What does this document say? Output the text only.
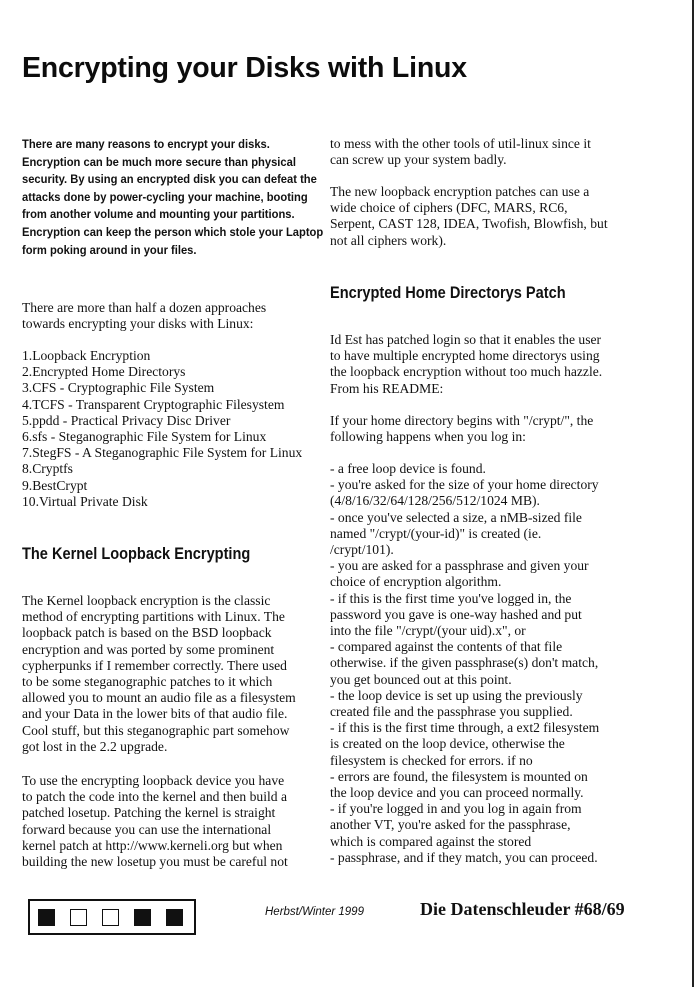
Encrypting your Disks with Linux
There are many reasons to encrypt your disks.
Encryption can be much more secure than physical
security. By using an encrypted disk you can defeat the
attacks done by power-cycling your machine, booting
from another volume and mounting your partitions.
Encryption can keep the person which stole your Laptop
form poking around in your files.
There are more than half a dozen approaches
towards encrypting your disks with Linux:
1.Loopback Encryption
2.Encrypted Home Directorys
3.CFS - Cryptographic File System
4.TCFS - Transparent Cryptographic Filesystem
5.ppdd - Practical Privacy Disc Driver
6.sfs - Steganographic File System for Linux
7.StegFS - A Steganographic File System for Linux
8.Cryptfs
9.BestCrypt
10.Virtual Private Disk
The Kernel Loopback Encrypting
The Kernel loopback encryption is the classic
method of encrypting partitions with Linux. The
loopback patch is based on the BSD loopback
encryption and was ported by some prominent
cypherpunks if I remember correctly. There used
to be some steganographic patches to it which
allowed you to mount an audio file as a filesystem
and your Data in the lower bits of that audio file.
Cool stuff, but this steganographic part somehow
got lost in the 2.2 upgrade.
To use the encrypting loopback device you have
to patch the code into the kernel and then build a
patched losetup. Patching the kernel is straight
forward because you can use the international
kernel patch at http://www.kerneli.org but when
building the new losetup you must be careful not
to mess with the other tools of util-linux since it
can screw up your system badly.
The new loopback encryption patches can use a
wide choice of ciphers (DFC, MARS, RC6,
Serpent, CAST 128, IDEA, Twofish, Blowfish, but
not all ciphers work).
Encrypted Home Directorys Patch
Id Est has patched login so that it enables the user
to have multiple encrypted home directorys using
the loopback encryption without too much hazzle.
From his README:
If your home directory begins with "/crypt/", the
following happens when you log in:
- a free loop device is found.
- you're asked for the size of your home directory
(4/8/16/32/64/128/256/512/1024 MB).
- once you've selected a size, a nMB-sized file
named "/crypt/(your-id)" is created (ie.
/crypt/101).
- you are asked for a passphrase and given your
choice of encryption algorithm.
- if this is the first time you've logged in, the
password you gave is one-way hashed and put
into the file "/crypt/(your uid).x", or
- compared against the contents of that file
otherwise. if the given passphrase(s) don't match,
you get bounced out at this point.
- the loop device is set up using the previously
created file and the passphrase you supplied.
- if this is the first time through, a ext2 filesystem
is created on the loop device, otherwise the
filesystem is checked for errors. if no
- errors are found, the filesystem is mounted on
the loop device and you can proceed normally.
- if you're logged in and you log in again from
another VT, you're asked for the passphrase,
which is compared against the stored
- passphrase, and if they match, you can proceed.
Herbst/Winter 1999	Die Datenschleuder #68/69
